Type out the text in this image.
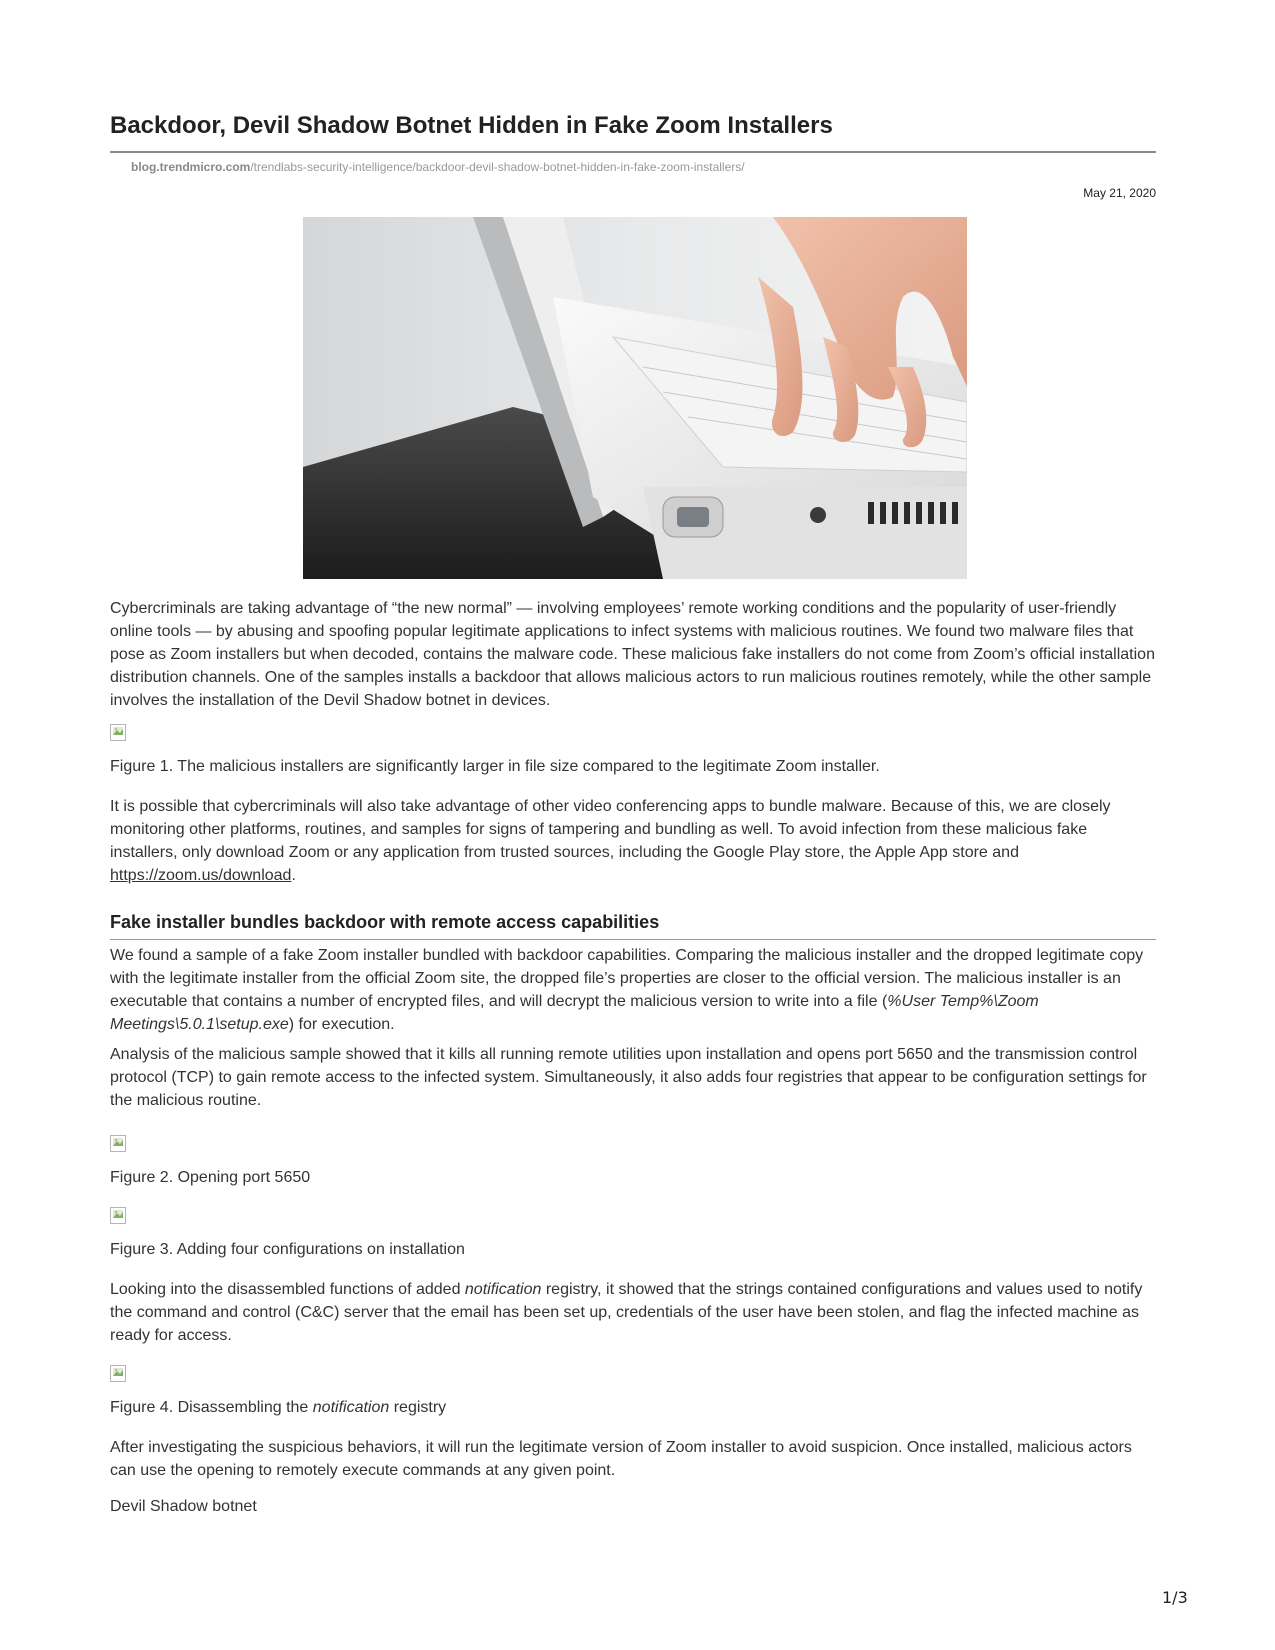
Backdoor, Devil Shadow Botnet Hidden in Fake Zoom Installers
blog.trendmicro.com/trendlabs-security-intelligence/backdoor-devil-shadow-botnet-hidden-in-fake-zoom-installers/
May 21, 2020

Cybercriminals are taking advantage of “the new normal” — involving employees’ remote working conditions and the popularity of user-friendly online tools — by abusing and spoofing popular legitimate applications to infect systems with malicious routines. We found two malware files that pose as Zoom installers but when decoded, contains the malware code. These malicious fake installers do not come from Zoom’s official installation distribution channels. One of the samples installs a backdoor that allows malicious actors to run malicious routines remotely, while the other sample involves the installation of the Devil Shadow botnet in devices.

Figure 1. The malicious installers are significantly larger in file size compared to the legitimate Zoom installer.

It is possible that cybercriminals will also take advantage of other video conferencing apps to bundle malware. Because of this, we are closely monitoring other platforms, routines, and samples for signs of tampering and bundling as well. To avoid infection from these malicious fake installers, only download Zoom or any application from trusted sources, including the Google Play store, the Apple App store and https://zoom.us/download.

Fake installer bundles backdoor with remote access capabilities

We found a sample of a fake Zoom installer bundled with backdoor capabilities. Comparing the malicious installer and the dropped legitimate copy with the legitimate installer from the official Zoom site, the dropped file’s properties are closer to the official version. The malicious installer is an executable that contains a number of encrypted files, and will decrypt the malicious version to write into a file (%User Temp%\Zoom Meetings\5.0.1\setup.exe) for execution.

Analysis of the malicious sample showed that it kills all running remote utilities upon installation and opens port 5650 and the transmission control protocol (TCP) to gain remote access to the infected system. Simultaneously, it also adds four registries that appear to be configuration settings for the malicious routine.

Figure 2. Opening port 5650
Figure 3. Adding four configurations on installation

Looking into the disassembled functions of added notification registry, it showed that the strings contained configurations and values used to notify the command and control (C&C) server that the email has been set up, credentials of the user have been stolen, and flag the infected machine as ready for access.

Figure 4. Disassembling the notification registry

After investigating the suspicious behaviors, it will run the legitimate version of Zoom installer to avoid suspicion. Once installed, malicious actors can use the opening to remotely execute commands at any given point.

Devil Shadow botnet
1/3
